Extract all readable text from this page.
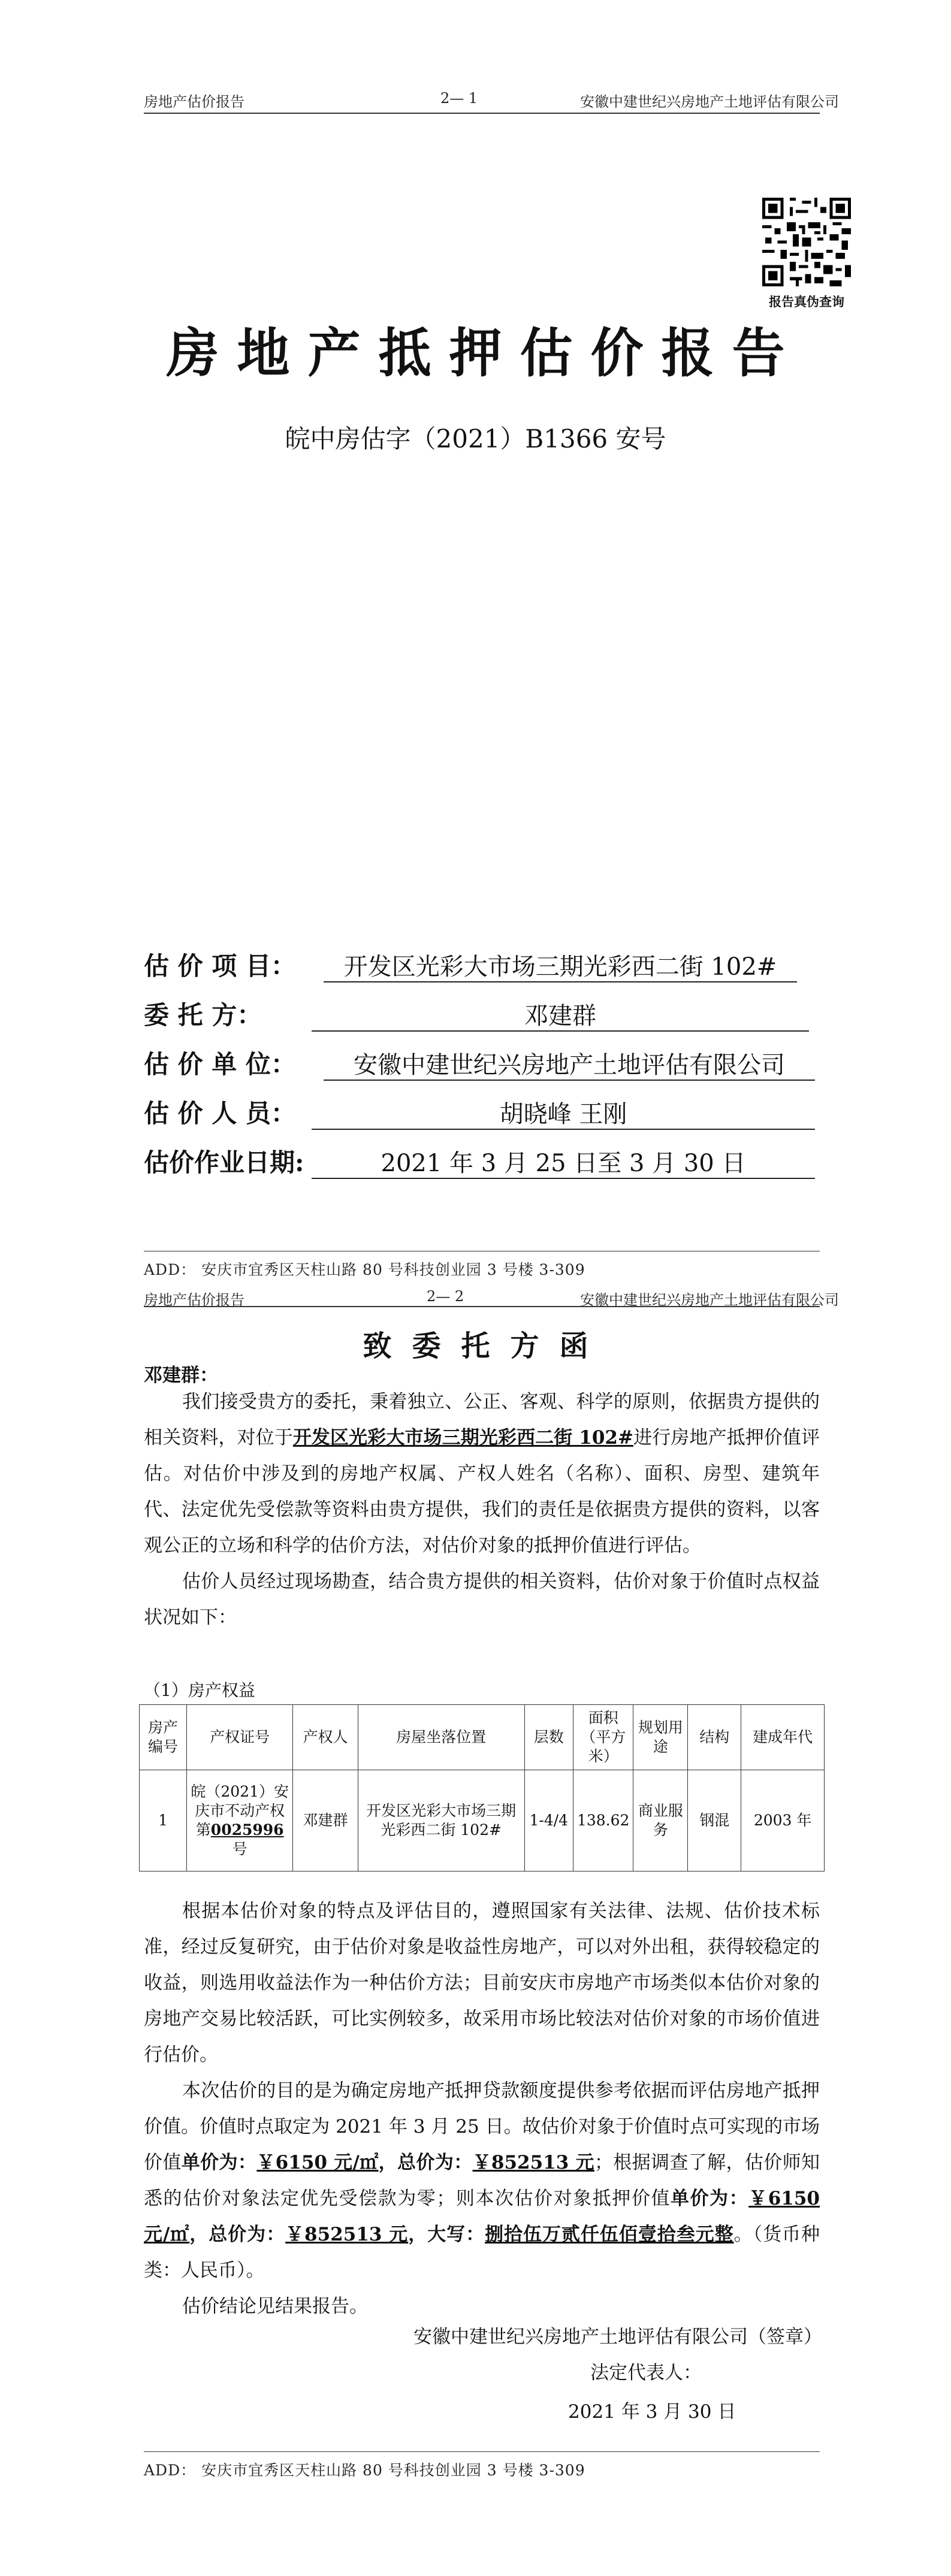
房地产估价报告	2— 1	安徽中建世纪兴房地产土地评估有限公司
报告真伪查询
房地产抵押估价报告
皖中房估字（2021）B1366 安号
估 价 项 目：	开发区光彩大市场三期光彩西二街 102#
委 托 方：	邓建群
估 价 单 位：	安徽中建世纪兴房地产土地评估有限公司
估 价 人 员：	胡晓峰 王刚
估价作业日期:	2021 年 3 月 25 日至 3 月 30 日
ADD： 安庆市宜秀区天柱山路 80 号科技创业园 3 号楼 3-309
房地产估价报告	2— 2	安徽中建世纪兴房地产土地评估有限公司
致委托方函
邓建群：

我们接受贵方的委托，秉着独立、公正、客观、科学的原则，依据贵方提供的相关资料，对位于开发区光彩大市场三期光彩西二街 102#进行房地产抵押价值评估。对估价中涉及到的房地产权属、产权人姓名（名称）、面积、房型、建筑年代、法定优先受偿款等资料由贵方提供，我们的责任是依据贵方提供的资料，以客观公正的立场和科学的估价方法，对估价对象的抵押价值进行评估。

估价人员经过现场勘查，结合贵方提供的相关资料，估价对象于价值时点权益状况如下：

（1）房产权益
房产编号	产权证号	产权人	房屋坐落位置	层数	面积（平方米）	规划用途	结构	建成年代
1	皖（2021）安庆市不动产权第0025996号	邓建群	开发区光彩大市场三期光彩西二街 102#	1-4/4	138.62	商业服务	钢混	2003 年

根据本估价对象的特点及评估目的，遵照国家有关法律、法规、估价技术标准，经过反复研究，由于估价对象是收益性房地产，可以对外出租，获得较稳定的收益，则选用收益法作为一种估价方法；目前安庆市房地产市场类似本估价对象的房地产交易比较活跃，可比实例较多，故采用市场比较法对估价对象的市场价值进行估价。

本次估价的目的是为确定房地产抵押贷款额度提供参考依据而评估房地产抵押价值。价值时点取定为 2021 年 3 月 25 日。故估价对象于价值时点可实现的市场价值单价为：￥6150 元/㎡，总价为：￥852513 元；根据调查了解，估价师知悉的估价对象法定优先受偿款为零；则本次估价对象抵押价值单价为：￥6150 元/㎡，总价为：￥852513 元，大写：捌拾伍万贰仟伍佰壹拾叁元整。（货币种类：人民币）。

估价结论见结果报告。

安徽中建世纪兴房地产土地评估有限公司（签章）
法定代表人：
2021 年 3 月 30 日
ADD： 安庆市宜秀区天柱山路 80 号科技创业园 3 号楼 3-309
